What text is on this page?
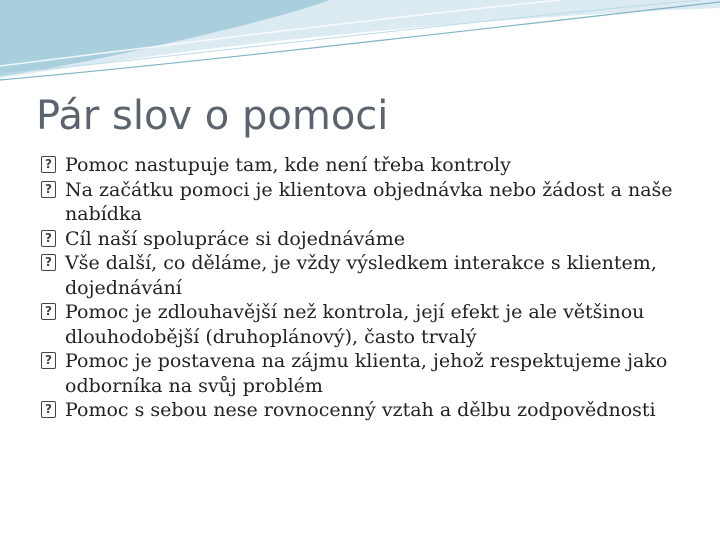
Pár slov o pomoci
?
Pomoc nastupuje tam, kde není třeba kontroly
?
Na začátku pomoci je klientova objednávka nebo žádost a naše nabídka
?
Cíl naší spolupráce si dojednáváme
?
Vše další, co děláme, je vždy výsledkem interakce s klientem, dojednávání
?
Pomoc je zdlouhavější než kontrola, její efekt je ale většinou dlouhodobější (druhoplánový), často trvalý
?
Pomoc je postavena na zájmu klienta, jehož respektujeme jako odborníka na svůj problém
?
Pomoc s sebou nese rovnocenný vztah a dělbu zodpovědnosti
